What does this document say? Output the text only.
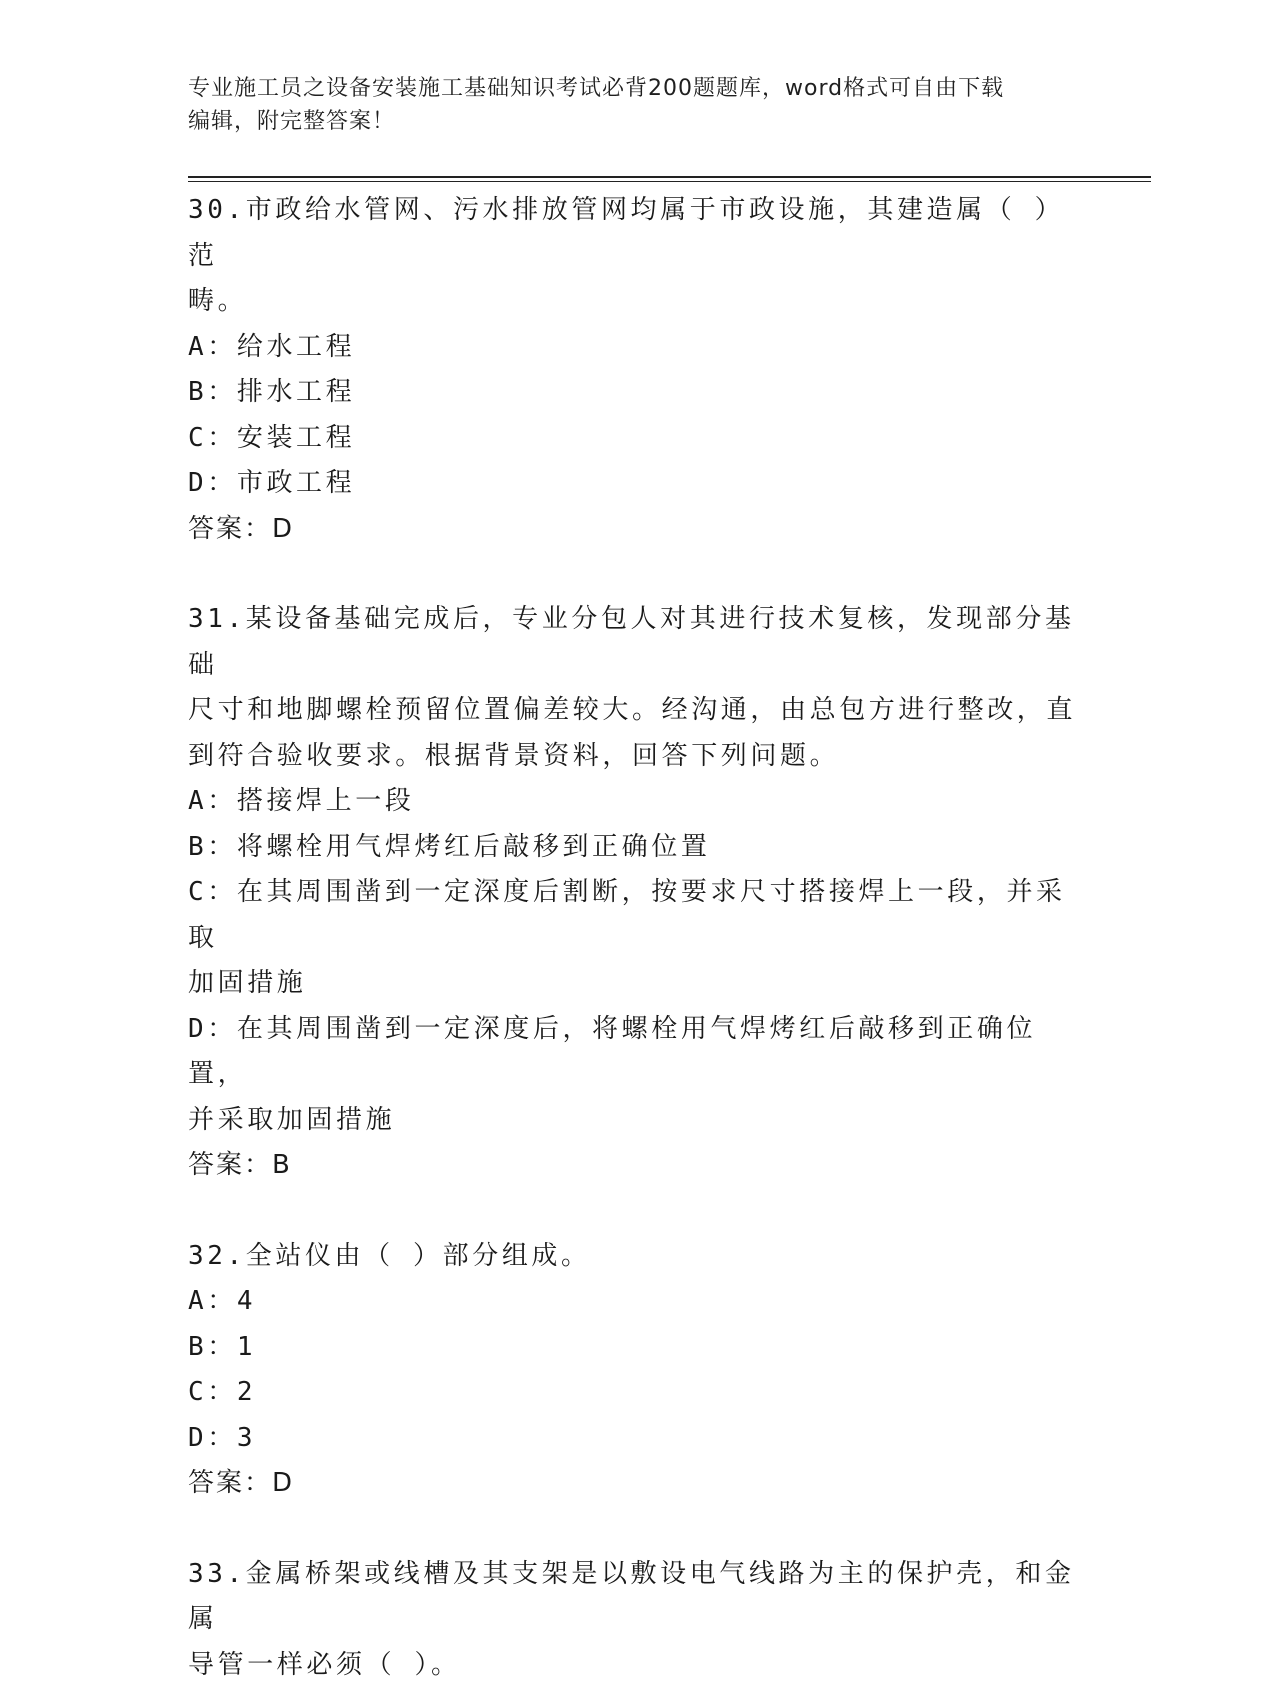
专业施工员之设备安装施工基础知识考试必背200题题库，word格式可自由下载
编辑，附完整答案！
30.市政给水管网、污水排放管网均属于市政设施，其建造属（ ）范
畴。
A：给水工程
B：排水工程
C：安装工程
D：市政工程
答案：D
31.某设备基础完成后，专业分包人对其进行技术复核，发现部分基础
尺寸和地脚螺栓预留位置偏差较大。经沟通，由总包方进行整改，直
到符合验收要求。根据背景资料，回答下列问题。
A：搭接焊上一段
B：将螺栓用气焊烤红后敲移到正确位置
C：在其周围凿到一定深度后割断，按要求尺寸搭接焊上一段，并采取
加固措施
D：在其周围凿到一定深度后，将螺栓用气焊烤红后敲移到正确位置，
并采取加固措施
答案：B
32.全站仪由（ ）部分组成。
A：4
B：1
C：2
D：3
答案：D
33.金属桥架或线槽及其支架是以敷设电气线路为主的保护壳，和金属
导管一样必须（ ）。
